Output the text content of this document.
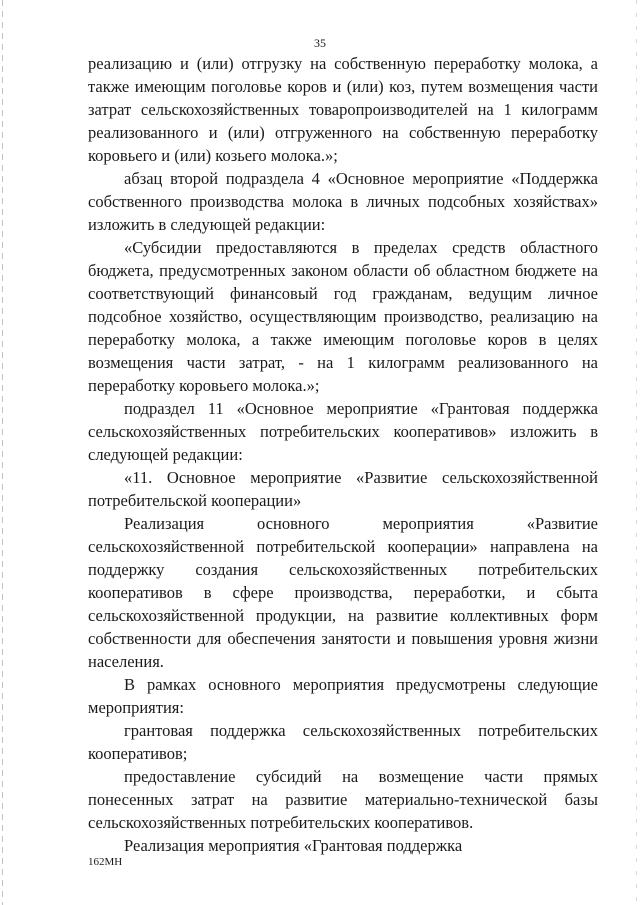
35

реализацию и (или) отгрузку на собственную переработку молока, а также имеющим поголовье коров и (или) коз, путем возмещения части затрат сельскохозяйственных товаропроизводителей на 1 килограмм реализованного и (или) отгруженного на собственную переработку коровьего и (или) козьего молока.»;

абзац второй подраздела 4 «Основное мероприятие «Поддержка собственного производства молока в личных подсобных хозяйствах» изложить в следующей редакции:

«Субсидии предоставляются в пределах средств областного бюджета, предусмотренных законом области об областном бюджете на соответствующий финансовый год гражданам, ведущим личное подсобное хозяйство, осуществляющим производство, реализацию на переработку молока, а также имеющим поголовье коров в целях возмещения части затрат, - на 1 килограмм реализованного на переработку коровьего молока.»;

подраздел 11 «Основное мероприятие «Грантовая поддержка сельскохозяйственных потребительских кооперативов» изложить в следующей редакции:

«11. Основное мероприятие «Развитие сельскохозяйственной потребительской кооперации»

Реализация основного мероприятия «Развитие сельскохозяйственной потребительской кооперации» направлена на поддержку создания сельскохозяйственных потребительских кооперативов в сфере производства, переработки, и сбыта сельскохозяйственной продукции, на развитие коллективных форм собственности для обеспечения занятости и повышения уровня жизни населения.

В рамках основного мероприятия предусмотрены следующие мероприятия:

грантовая поддержка сельскохозяйственных потребительских кооперативов;

предоставление субсидий на возмещение части прямых понесенных затрат на развитие материально-технической базы сельскохозяйственных потребительских кооперативов.

Реализация мероприятия «Грантовая поддержка

162МН
